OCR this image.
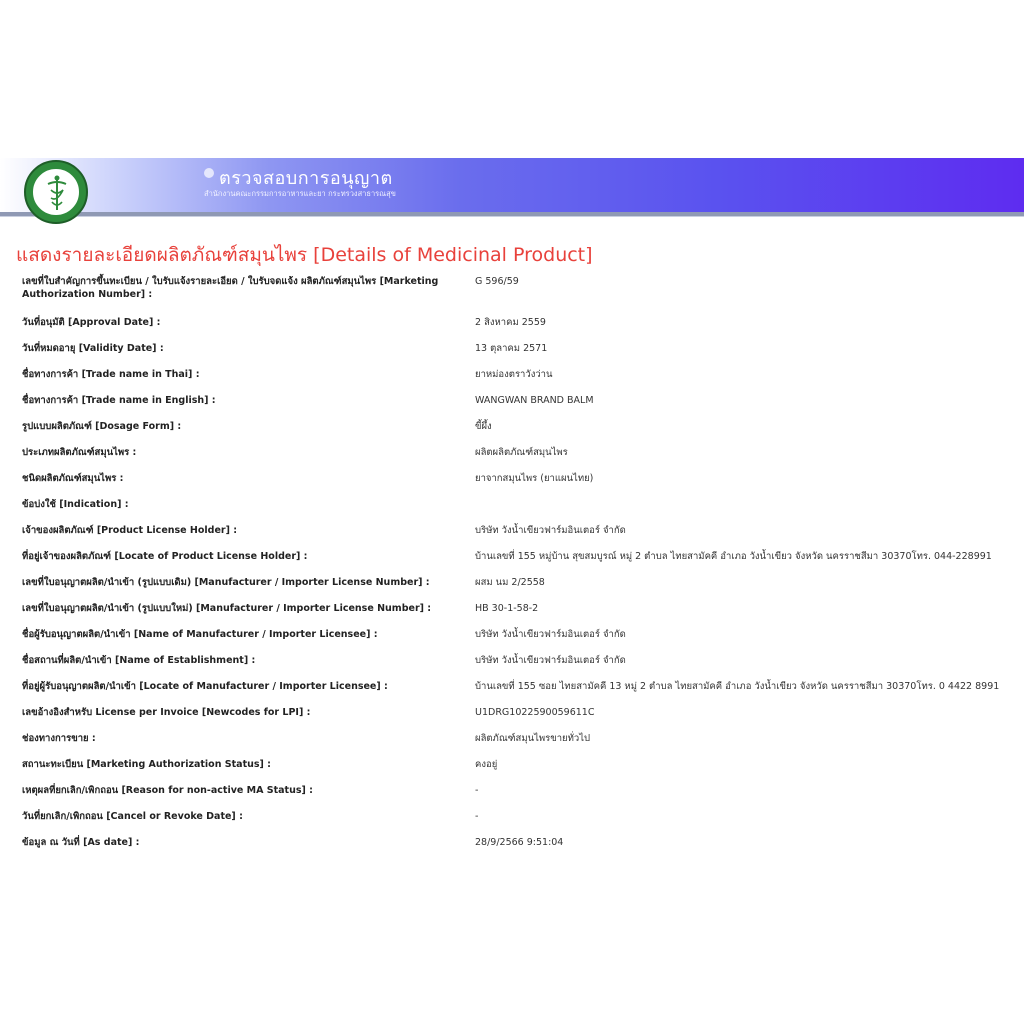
ตรวจสอบการอนุญาต
สำนักงานคณะกรรมการอาหารและยา กระทรวงสาธารณสุข
แสดงรายละเอียดผลิตภัณฑ์สมุนไพร [Details of Medicinal Product]
เลขที่ใบสำคัญการขึ้นทะเบียน / ใบรับแจ้งรายละเอียด / ใบรับจดแจ้ง ผลิตภัณฑ์สมุนไพร [Marketing Authorization Number] :
G 596/59
วันที่อนุมัติ [Approval Date] :	2 สิงหาคม 2559
วันที่หมดอายุ [Validity Date] :	13 ตุลาคม 2571
ชื่อทางการค้า [Trade name in Thai] :	ยาหม่องตราวังว่าน
ชื่อทางการค้า [Trade name in English] :	WANGWAN BRAND BALM
รูปแบบผลิตภัณฑ์ [Dosage Form] :	ขี้ผึ้ง
ประเภทผลิตภัณฑ์สมุนไพร :	ผลิตผลิตภัณฑ์สมุนไพร
ชนิดผลิตภัณฑ์สมุนไพร :	ยาจากสมุนไพร (ยาแผนไทย)
ข้อบ่งใช้ [Indication] :
เจ้าของผลิตภัณฑ์ [Product License Holder] :	บริษัท วังน้ำเขียวฟาร์มอินเตอร์ จำกัด
ที่อยู่เจ้าของผลิตภัณฑ์ [Locate of Product License Holder] :	บ้านเลขที่ 155 หมู่บ้าน สุขสมบูรณ์ หมู่ 2 ตำบล ไทยสามัคคี อำเภอ วังน้ำเขียว จังหวัด นครราชสีมา 30370โทร. 044-228991
เลขที่ใบอนุญาตผลิต/นำเข้า (รูปแบบเดิม) [Manufacturer / Importer License Number] :	ผสม นม 2/2558
เลขที่ใบอนุญาตผลิต/นำเข้า (รูปแบบใหม่) [Manufacturer / Importer License Number] :	HB 30-1-58-2
ชื่อผู้รับอนุญาตผลิต/นำเข้า [Name of Manufacturer / Importer Licensee] :	บริษัท วังน้ำเขียวฟาร์มอินเตอร์ จำกัด
ชื่อสถานที่ผลิต/นำเข้า [Name of Establishment] :	บริษัท วังน้ำเขียวฟาร์มอินเตอร์ จำกัด
ที่อยู่ผู้รับอนุญาตผลิต/นำเข้า [Locate of Manufacturer / Importer Licensee] :	บ้านเลขที่ 155 ซอย ไทยสามัคคี 13 หมู่ 2 ตำบล ไทยสามัคคี อำเภอ วังน้ำเขียว จังหวัด นครราชสีมา 30370โทร. 0 4422 8991
เลขอ้างอิงสำหรับ License per Invoice [Newcodes for LPI] :	U1DRG1022590059611C
ช่องทางการขาย :	ผลิตภัณฑ์สมุนไพรขายทั่วไป
สถานะทะเบียน [Marketing Authorization Status] :	คงอยู่
เหตุผลที่ยกเลิก/เพิกถอน [Reason for non-active MA Status] :	-
วันที่ยกเลิก/เพิกถอน [Cancel or Revoke Date] :	-
ข้อมูล ณ วันที่ [As date] :	28/9/2566 9:51:04
